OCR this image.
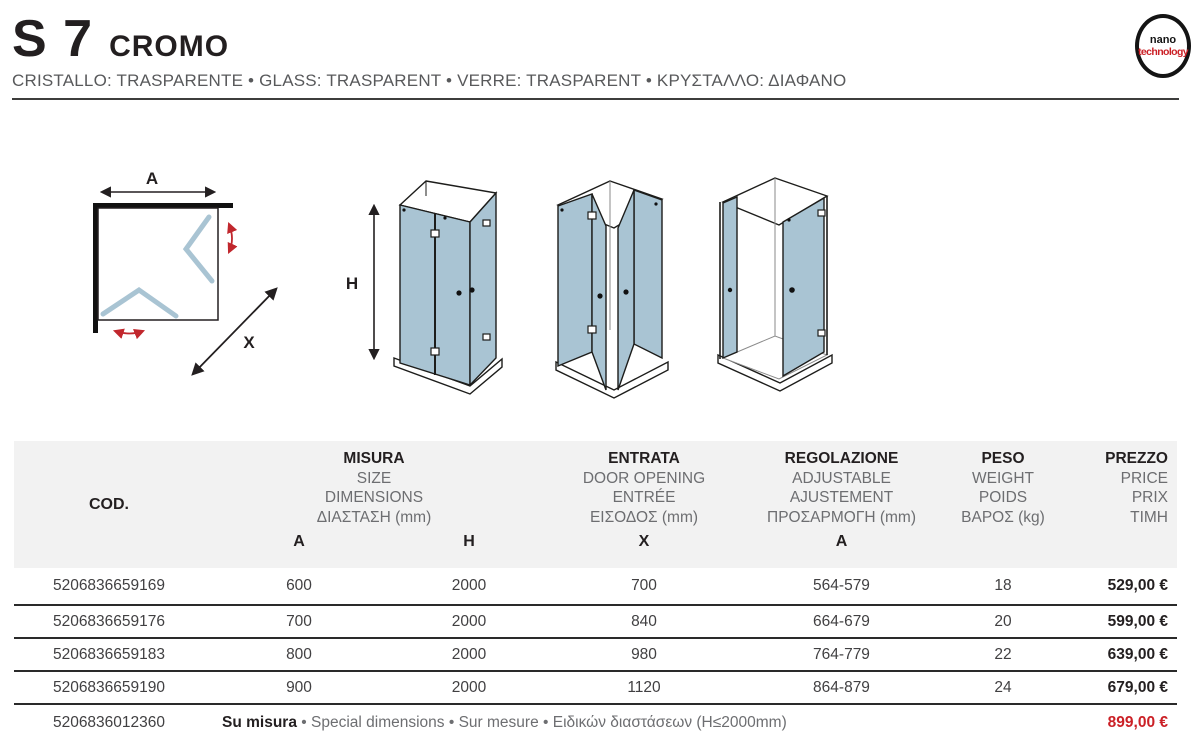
S 7 CROMO
CRISTALLO: TRASPARENTE • GLASS: TRASPARENT • VERRE: TRASPARENT • ΚΡΥΣΤΑΛΛΟ: ΔΙΑΦΑΝΟ
nano
technology
A
X
H
COD.
MISURA
SIZE
DIMENSIONS
ΔΙΑΣΤΑΣΗ (mm)
ENTRATA
DOOR OPENING
ENTRÉE
ΕΙΣΟΔΟΣ (mm)
REGOLAZIONE
ADJUSTABLE
AJUSTEMENT
ΠΡΟΣΑΡΜΟΓΗ (mm)
PESO
WEIGHT
POIDS
ΒΑΡΟΣ (kg)
PREZZO
PRICE
PRIX
ΤΙΜΗ
A	H	X	A
5206836659169	600	2000	700	564-579	18	529,00 €
5206836659176	700	2000	840	664-679	20	599,00 €
5206836659183	800	2000	980	764-779	22	639,00 €
5206836659190	900	2000	1120	864-879	24	679,00 €
5206836012360	Su misura • Special dimensions • Sur mesure • Ειδικών διαστάσεων (H≤2000mm)	899,00 €
